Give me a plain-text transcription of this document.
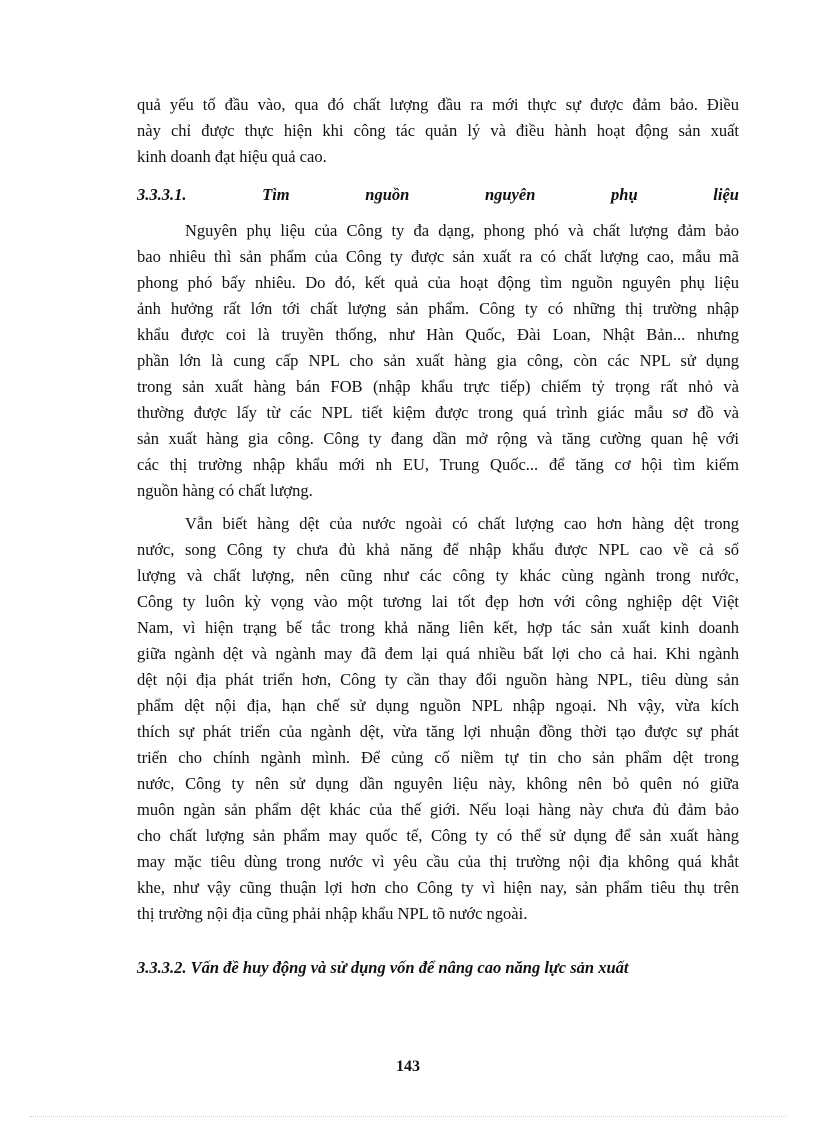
quả yếu tố đầu vào, qua đó chất lượng đầu ra mới thực sự được đảm bảo. Điều
này chỉ được thực hiện khi công tác quản lý và điều hành hoạt động sản xuất
kinh doanh đạt hiệu quả cao.
3.3.3.1.	Tìm	nguồn	nguyên	phụ	liệu
Nguyên phụ liệu của Công ty đa dạng, phong phó và chất lượng đảm bảo
bao nhiêu thì sản phẩm của Công ty được sản xuất ra có chất lượng cao, mẫu mã
phong phó bấy nhiêu. Do đó, kết quả của hoạt động tìm nguồn nguyên phụ liệu
ảnh hưởng rất lớn tới chất lượng sản phẩm. Công ty có những thị trường nhập
khẩu được coi là truyền thống, như Hàn Quốc, Đài Loan, Nhật Bản... nhưng
phần lớn là cung cấp NPL cho sản xuất hàng gia công, còn các NPL sử dụng
trong sản xuất hàng bán FOB (nhập khẩu trực tiếp) chiếm tỷ trọng rất nhỏ và
thường được lấy từ các NPL tiết kiệm được trong quá trình giác mẫu sơ đồ và
sản xuất hàng gia công. Công ty đang dần mở rộng và tăng cường quan hệ với
các thị trường nhập khẩu mới nh EU, Trung Quốc... để tăng cơ hội tìm kiếm
nguồn hàng có chất lượng.
Vẫn biết hàng dệt của nước ngoài có chất lượng cao hơn hàng dệt trong
nước, song Công ty chưa đủ khả năng để nhập khẩu được NPL cao về cả số
lượng và chất lượng, nên cũng như các công ty khác cùng ngành trong nước,
Công ty luôn kỳ vọng vào một tương lai tốt đẹp hơn với công nghiệp dệt Việt
Nam, vì hiện trạng bế tắc trong khả năng liên kết, hợp tác sản xuất kinh doanh
giữa ngành dệt và ngành may đã đem lại quá nhiều bất lợi cho cả hai. Khi ngành
dệt nội địa phát triển hơn, Công ty cần thay đổi nguồn hàng NPL, tiêu dùng sản
phẩm dệt nội địa, hạn chế sử dụng nguồn NPL nhập ngoại. Nh vậy, vừa kích
thích sự phát triển của ngành dệt, vừa tăng lợi nhuận đồng thời tạo được sự phát
triển cho chính ngành mình. Để củng cố niềm tự tin cho sản phẩm dệt trong
nước, Công ty nên sử dụng dần nguyên liệu này, không nên bỏ quên nó giữa
muôn ngàn sản phẩm dệt khác của thế giới. Nếu loại hàng này chưa đủ đảm bảo
cho chất lượng sản phẩm may quốc tế, Công ty có thể sử dụng để sản xuất hàng
may mặc tiêu dùng trong nước vì yêu cầu của thị trường nội địa không quá khắt
khe, như vậy cũng thuận lợi hơn cho Công ty vì hiện nay, sản phẩm tiêu thụ trên
thị trường nội địa cũng phải nhập khẩu NPL tõ nước ngoài.
3.3.3.2. Vấn đề huy động và sử dụng vốn để nâng cao năng lực sản xuất
143
